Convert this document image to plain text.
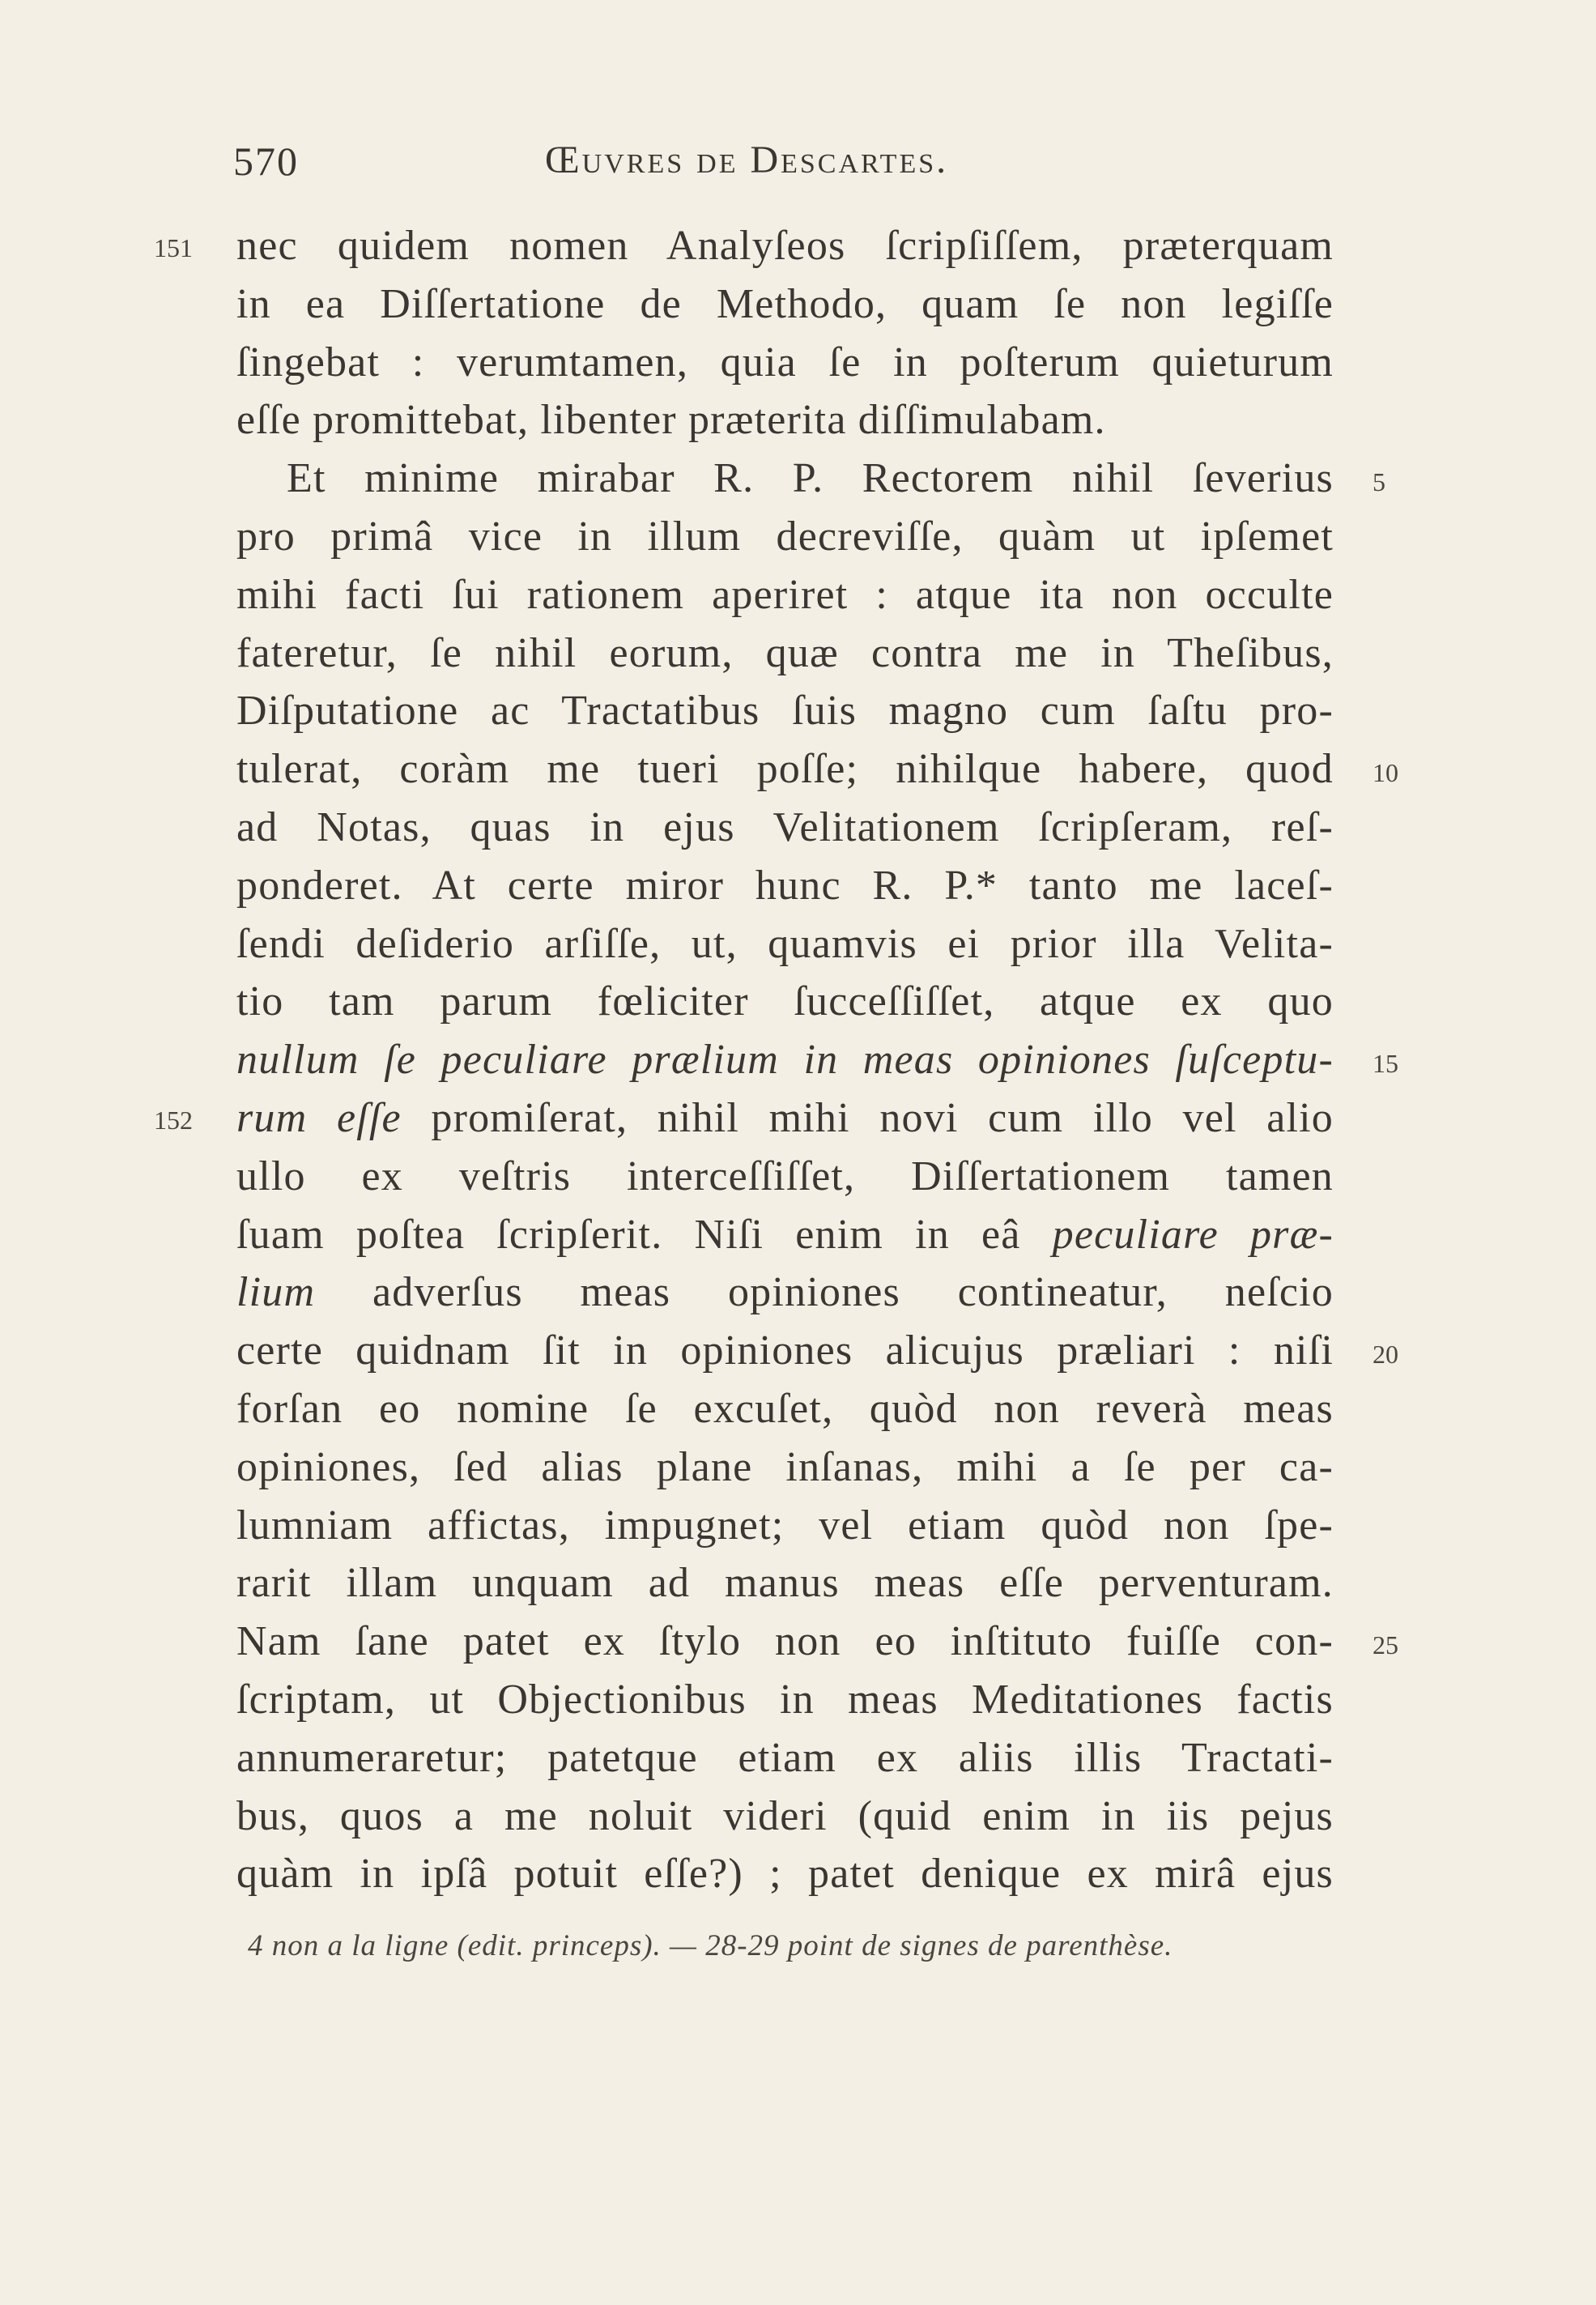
570	Œuvres de Descartes.
nec quidem nomen Analyſeos ſcripſiſſem, præterquam
in ea Diſſertatione de Methodo, quam ſe non legiſſe
ſingebat : verumtamen, quia ſe in poſterum quieturum
eſſe promittebat, libenter præterita diſſimulabam.
Et minime mirabar R. P. Rectorem nihil ſeverius
pro primâ vice in illum decreviſſe, quàm ut ipſemet
mihi facti ſui rationem aperiret : atque ita non occulte
fateretur, ſe nihil eorum, quæ contra me in Theſibus,
Diſputatione ac Tractatibus ſuis magno cum ſaſtu pro-
tulerat, coràm me tueri poſſe; nihilque habere, quod
ad Notas, quas in ejus Velitationem ſcripſeram, reſ-
ponderet. At certe miror hunc R. P.* tanto me laceſ-
ſendi deſiderio arſiſſe, ut, quamvis ei prior illa Velita-
tio tam parum fœliciter ſucceſſiſſet, atque ex quo
nullum ſe peculiare prælium in meas opiniones ſuſceptu-
rum eſſe promiſerat, nihil mihi novi cum illo vel alio
ullo ex veſtris interceſſiſſet, Diſſertationem tamen
ſuam poſtea ſcripſerit. Niſi enim in eâ peculiare præ-
lium adverſus meas opiniones contineatur, neſcio
certe quidnam ſit in opiniones alicujus præliari : niſi
forſan eo nomine ſe excuſet, quòd non reverà meas
opiniones, ſed alias plane inſanas, mihi a ſe per ca-
lumniam affictas, impugnet; vel etiam quòd non ſpe-
rarit illam unquam ad manus meas eſſe perventuram.
Nam ſane patet ex ſtylo non eo inſtituto fuiſſe con-
ſcriptam, ut Objectionibus in meas Meditationes factis
annumeraretur; patetque etiam ex aliis illis Tractati-
bus, quos a me noluit videri (quid enim in iis pejus
quàm in ipſâ potuit eſſe?) ; patet denique ex mirâ ejus
151
152
5
10
15
20
25
4 non a la ligne (edit. princeps). — 28-29 point de signes de parenthèse.
